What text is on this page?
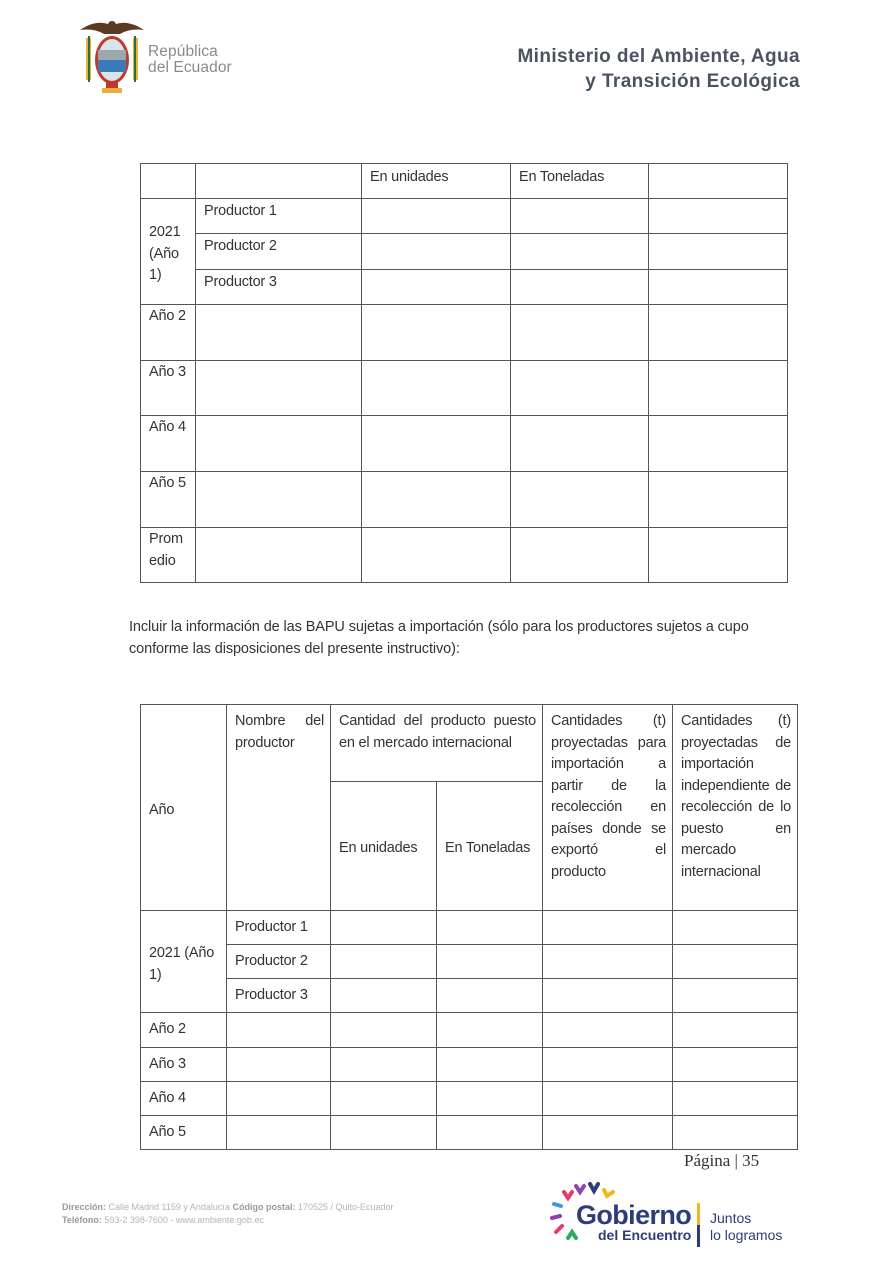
República
del Ecuador
Ministerio del Ambiente, Agua
y Transición Ecológica
		En unidades	En Toneladas	
2021 (Año 1)	Productor 1			
	Productor 2			
	Productor 3			
Año 2				
Año 3				
Año 4				
Año 5				
Promedio				
Incluir la información de las BAPU sujetas a importación (sólo para los productores sujetos a cupo conforme las disposiciones del presente instructivo):
Año	Nombre del productor	Cantidad del producto puesto en el mercado internacional		Cantidades (t) proyectadas para importación a partir de la recolección en países donde se exportó el producto	Cantidades (t) proyectadas de importación independiente de recolección de lo puesto en mercado internacional
		En unidades	En Toneladas		
2021 (Año 1)	Productor 1				
	Productor 2				
	Productor 3				
Año 2					
Año 3					
Año 4					
Año 5					
Página | 35
Dirección: Calle Madrid 1159 y Andalucía Código postal: 170525 / Quito-Ecuador
Teléfono: 593-2 398-7600 - www.ambiente.gob.ec	Gobierno
del Encuentro
Juntos
lo logramos
